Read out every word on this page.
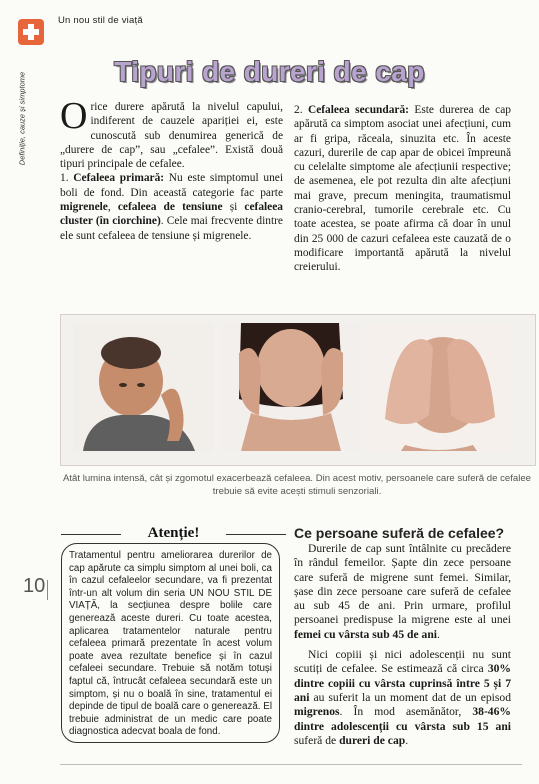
Un nou stil de viață
Definiție, cauze și simptome
Tipuri de dureri de cap

Orice durere apărută la nivelul capului, indiferent de cauzele apariției ei, este cunoscută sub denumirea generică de „durere de cap”, sau „cefalee”. Există două tipuri principale de cefalee.

1. Cefaleea primară: Nu este simptomul unei boli de fond. Din această categorie fac parte migrenele, cefaleea de tensiune și cefaleea cluster (în ciorchine). Cele mai frecvente dintre ele sunt cefaleea de tensiune și migrenele.

2. Cefaleea secundară: Este durerea de cap apărută ca simptom asociat unei afecțiuni, cum ar fi gripa, răceala, sinuzita etc. În aceste cazuri, durerile de cap apar de obicei împreună cu celelalte simptome ale afecțiunii respective; de asemenea, ele pot rezulta din alte afecțiuni mai grave, precum meningita, traumatismul cranio-cerebral, tumorile cerebrale etc. Cu toate acestea, se poate afirma că doar în unul din 25 000 de cazuri cefaleea este cauzată de o modificare importantă apărută la nivelul creierului.

Atât lumina intensă, cât și zgomotul exacerbează cefaleea. Din acest motiv, persoanele care suferă de cefalee trebuie să evite acești stimuli senzoriali.
Atenție!
Tratamentul pentru ameliorarea durerilor de cap apărute ca simplu simptom al unei boli, ca în cazul cefaleelor secundare, va fi prezentat într-un alt volum din seria UN NOU STIL DE VIAȚĂ, la secțiunea despre bolile care generează aceste dureri. Cu toate acestea, aplicarea tratamentelor naturale pentru cefaleea primară prezentate în acest volum poate avea rezultate benefice și în cazul cefaleei secundare. Trebuie să notăm totuși faptul că, întrucât cefaleea secundară este un simptom, și nu o boală în sine, tratamentul ei depinde de tipul de boală care o generează. El trebuie administrat de un medic care poate diagnostica adecvat boala de fond.
10
Ce persoane suferă de cefalee?

Durerile de cap sunt întâlnite cu precădere în rândul femeilor. Șapte din zece persoane care suferă de migrene sunt femei. Similar, șase din zece persoane care suferă de cefalee au sub 45 de ani. Prin urmare, profilul persoanei predispuse la migrene este al unei femei cu vârsta sub 45 de ani.

Nici copiii și nici adolescenții nu sunt scutiți de cefalee. Se estimează că circa 30% dintre copiii cu vârsta cuprinsă între 5 și 7 ani au suferit la un moment dat de un episod migrenos. În mod asemănător, 38-46% dintre adolescenții cu vârsta sub 15 ani suferă de dureri de cap.
